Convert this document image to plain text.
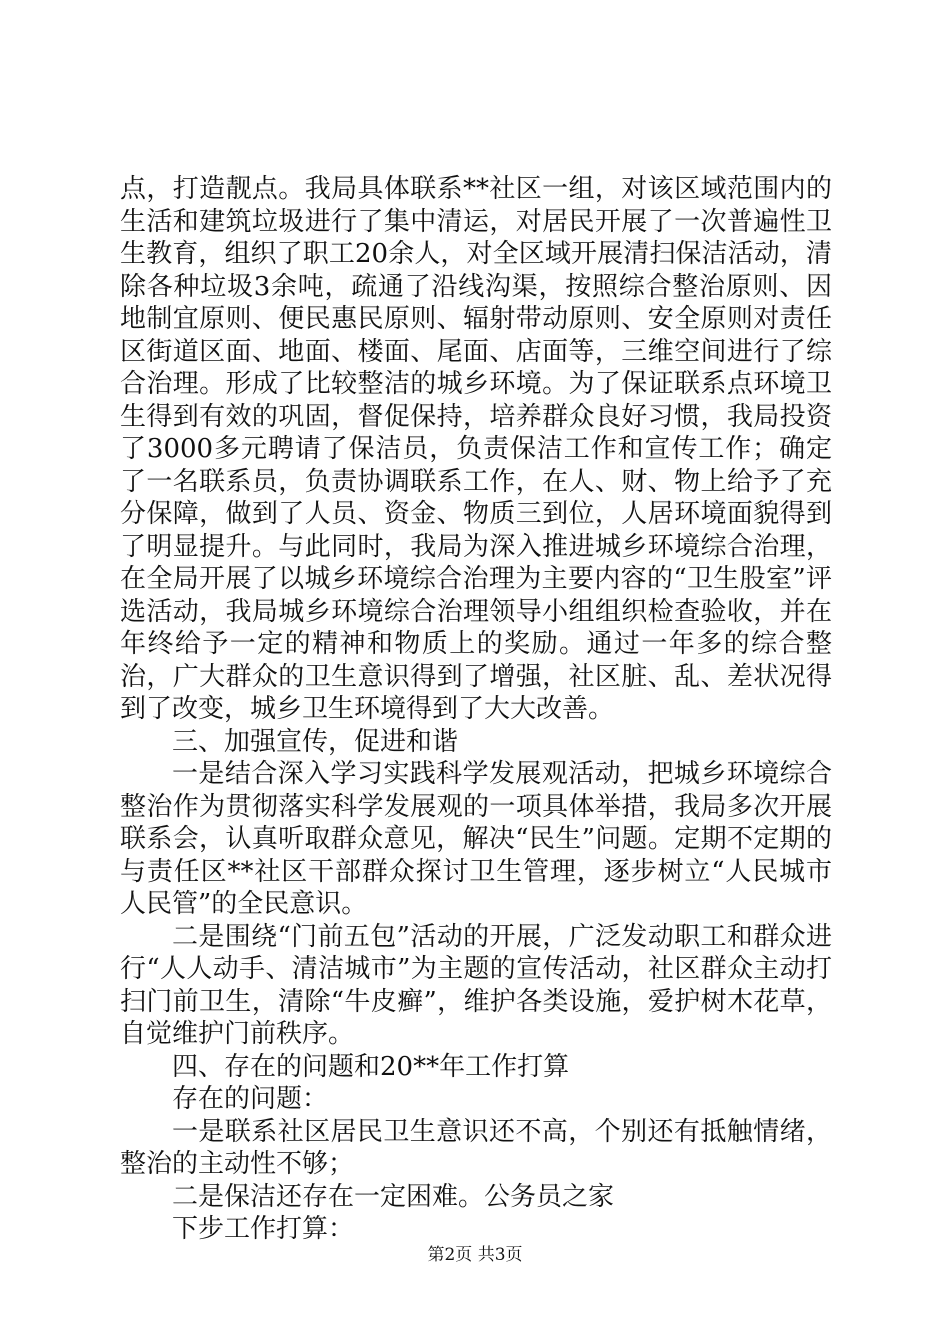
点，打造靓点。我局具体联系**社区一组，对该区域范围内的生活和建筑垃圾进行了集中清运，对居民开展了一次普遍性卫生教育，组织了职工20余人，对全区域开展清扫保洁活动，清除各种垃圾3余吨，疏通了沿线沟渠，按照综合整治原则、因地制宜原则、便民惠民原则、辐射带动原则、安全原则对责任区街道区面、地面、楼面、尾面、店面等，三维空间进行了综合治理。形成了比较整洁的城乡环境。为了保证联系点环境卫生得到有效的巩固，督促保持，培养群众良好习惯，我局投资了3000多元聘请了保洁员，负责保洁工作和宣传工作；确定了一名联系员，负责协调联系工作，在人、财、物上给予了充分保障，做到了人员、资金、物质三到位，人居环境面貌得到了明显提升。与此同时，我局为深入推进城乡环境综合治理，在全局开展了以城乡环境综合治理为主要内容的“卫生股室”评选活动，我局城乡环境综合治理领导小组组织检查验收，并在年终给予一定的精神和物质上的奖励。通过一年多的综合整治，广大群众的卫生意识得到了增强，社区脏、乱、差状况得到了改变，城乡卫生环境得到了大大改善。

三、加强宣传，促进和谐

一是结合深入学习实践科学发展观活动，把城乡环境综合整治作为贯彻落实科学发展观的一项具体举措，我局多次开展联系会，认真听取群众意见，解决“民生”问题。定期不定期的与责任区**社区干部群众探讨卫生管理，逐步树立“人民城市人民管”的全民意识。

二是围绕“门前五包”活动的开展，广泛发动职工和群众进行“人人动手、清洁城市”为主题的宣传活动，社区群众主动打扫门前卫生，清除“牛皮癣”，维护各类设施，爱护树木花草，自觉维护门前秩序。

四、存在的问题和20**年工作打算

存在的问题：

一是联系社区居民卫生意识还不高，个别还有抵触情绪，整治的主动性不够；

二是保洁还存在一定困难。公务员之家

下步工作打算：

第2页 共3页
